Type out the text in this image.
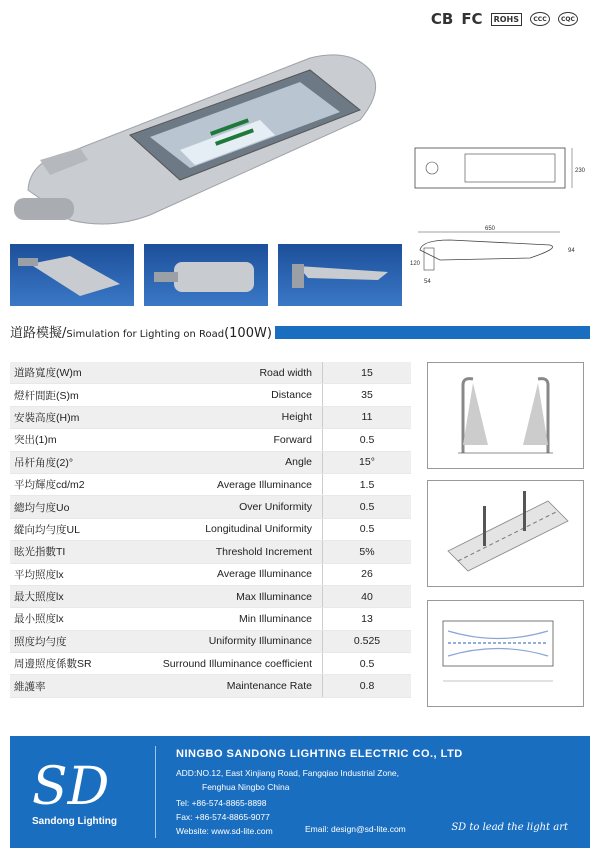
CB FC	ROHS	CCC	CQC
230
650
94
120
54
道路模擬/Simulation for Lighting on Road(100W)
道路寬度(W)m	Road width	15
燈杆間距(S)m	Distance	35
安裝高度(H)m	Height	11
突出(1)m	Forward	0.5
吊杆角度(2)°	Angle	15°
平均輝度cd/m2	Average Illuminance	1.5
總均勻度Uo	Over Uniformity	0.5
縱向均勻度UL	Longitudinal Uniformity	0.5
眩光指數TI	Threshold Increment	5%
平均照度lx	Average Illuminance	26
最大照度lx	Max Illuminance	40
最小照度lx	Min Illuminance	13
照度均勻度	Uniformity Illuminance	0.525
周邊照度係數SR	Surround Illuminance coefficient	0.5
維護率	Maintenance Rate	0.8
SD
Sandong Lighting
NINGBO SANDONG LIGHTING ELECTRIC CO., LTD
ADD:NO.12, East Xinjiang Road, Fangqiao Industrial Zone,
Fenghua Ningbo China
Tel: +86-574-8865-8898
Fax: +86-574-8865-9077
Website: www.sd-lite.com	Email: design@sd-lite.com	SD to lead the light art
